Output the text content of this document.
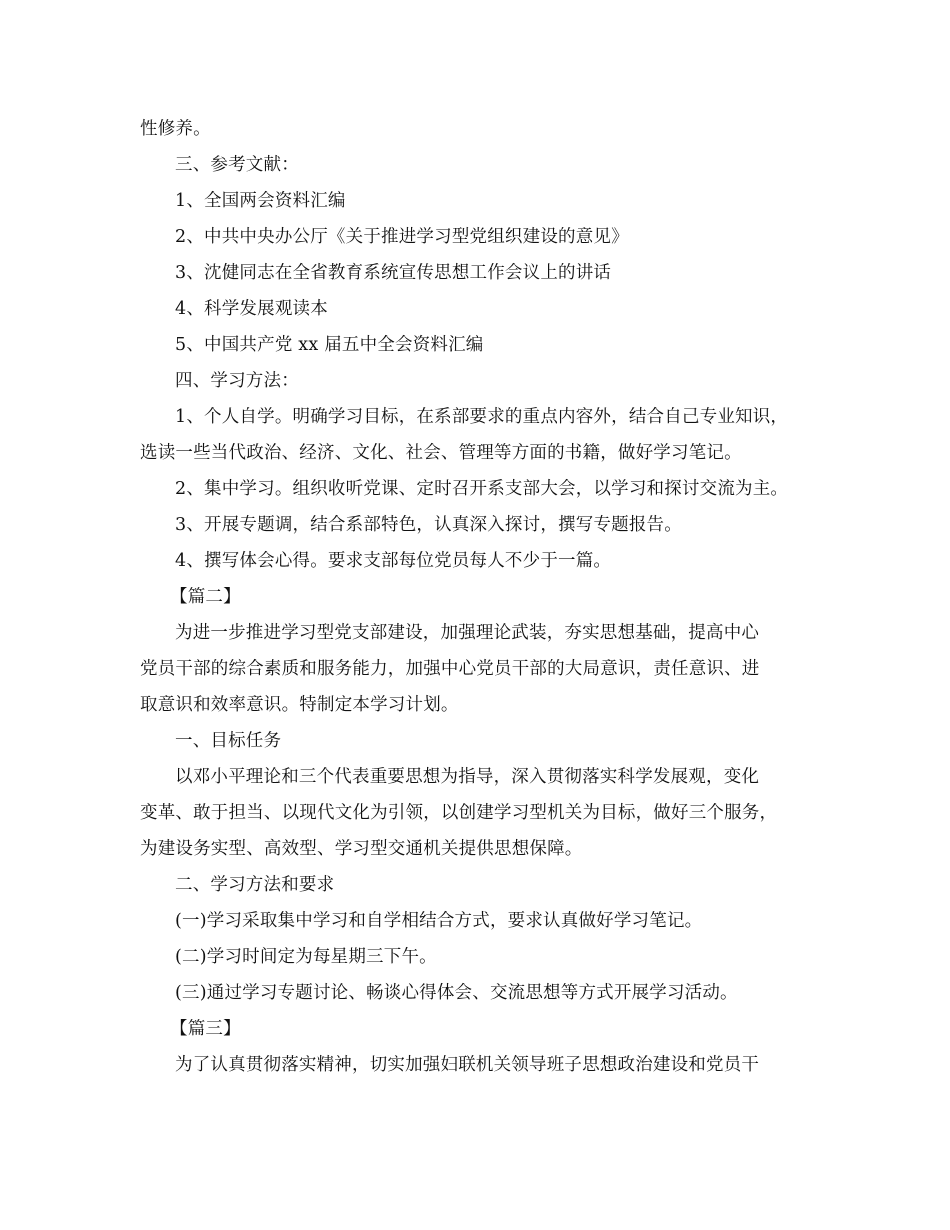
性修养。
三、参考文献：
1、全国两会资料汇编
2、中共中央办公厅《关于推进学习型党组织建设的意见》
3、沈健同志在全省教育系统宣传思想工作会议上的讲话
4、科学发展观读本
5、中国共产党 xx 届五中全会资料汇编
四、学习方法：
1、个人自学。明确学习目标，在系部要求的重点内容外，结合自己专业知识，
选读一些当代政治、经济、文化、社会、管理等方面的书籍，做好学习笔记。
2、集中学习。组织收听党课、定时召开系支部大会，以学习和探讨交流为主。
3、开展专题调，结合系部特色，认真深入探讨，撰写专题报告。
4、撰写体会心得。要求支部每位党员每人不少于一篇。
【篇二】
为进一步推进学习型党支部建设，加强理论武装，夯实思想基础，提高中心
党员干部的综合素质和服务能力，加强中心党员干部的大局意识，责任意识、进
取意识和效率意识。特制定本学习计划。
一、目标任务
以邓小平理论和三个代表重要思想为指导，深入贯彻落实科学发展观，变化
变革、敢于担当、以现代文化为引领，以创建学习型机关为目标，做好三个服务，
为建设务实型、高效型、学习型交通机关提供思想保障。
二、学习方法和要求
(一)学习采取集中学习和自学相结合方式，要求认真做好学习笔记。
(二)学习时间定为每星期三下午。
(三)通过学习专题讨论、畅谈心得体会、交流思想等方式开展学习活动。
【篇三】
为了认真贯彻落实精神，切实加强妇联机关领导班子思想政治建设和党员干
